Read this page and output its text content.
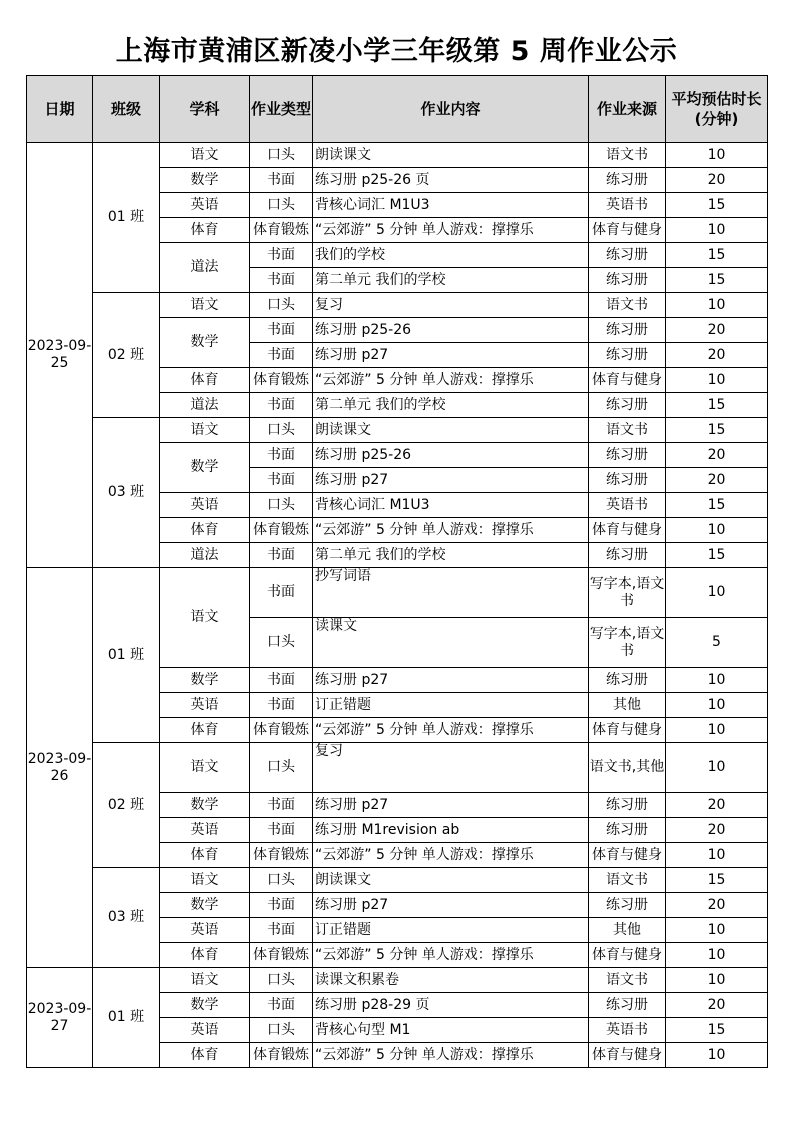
上海市黄浦区新凌小学三年级第 5 周作业公示
日期	班级	学科	作业类型	作业内容	作业来源	平均预估时长(分钟)
2023-09-25	01 班	语文	口头	朗读课文	语文书	10
		数学	书面	练习册 p25-26 页	练习册	20
		英语	口头	背核心词汇 M1U3	英语书	15
		体育	体育锻炼	“云郊游” 5 分钟 单人游戏：撑撑乐	体育与健身	10
		道法	书面	我们的学校	练习册	15
			书面	第二单元 我们的学校	练习册	15
	02 班	语文	口头	复习	语文书	10
		数学	书面	练习册 p25-26	练习册	20
			书面	练习册 p27	练习册	20
		体育	体育锻炼	“云郊游” 5 分钟 单人游戏：撑撑乐	体育与健身	10
		道法	书面	第二单元 我们的学校	练习册	15
	03 班	语文	口头	朗读课文	语文书	15
		数学	书面	练习册 p25-26	练习册	20
			书面	练习册 p27	练习册	20
		英语	口头	背核心词汇 M1U3	英语书	15
		体育	体育锻炼	“云郊游” 5 分钟 单人游戏：撑撑乐	体育与健身	10
		道法	书面	第二单元 我们的学校	练习册	15
2023-09-26	01 班	语文	书面	抄写词语	写字本,语文书	10
			口头	读课文	写字本,语文书	5
		数学	书面	练习册 p27	练习册	10
		英语	书面	订正错题	其他	10
		体育	体育锻炼	“云郊游” 5 分钟 单人游戏：撑撑乐	体育与健身	10
	02 班	语文	口头	复习	语文书,其他	10
		数学	书面	练习册 p27	练习册	20
		英语	书面	练习册 M1revision ab	练习册	20
		体育	体育锻炼	“云郊游” 5 分钟 单人游戏：撑撑乐	体育与健身	10
	03 班	语文	口头	朗读课文	语文书	15
		数学	书面	练习册 p27	练习册	20
		英语	书面	订正错题	其他	10
		体育	体育锻炼	“云郊游” 5 分钟 单人游戏：撑撑乐	体育与健身	10
2023-09-27	01 班	语文	口头	读课文积累卷	语文书	10
		数学	书面	练习册 p28-29 页	练习册	20
		英语	口头	背核心句型 M1	英语书	15
		体育	体育锻炼	“云郊游” 5 分钟 单人游戏：撑撑乐	体育与健身	10
